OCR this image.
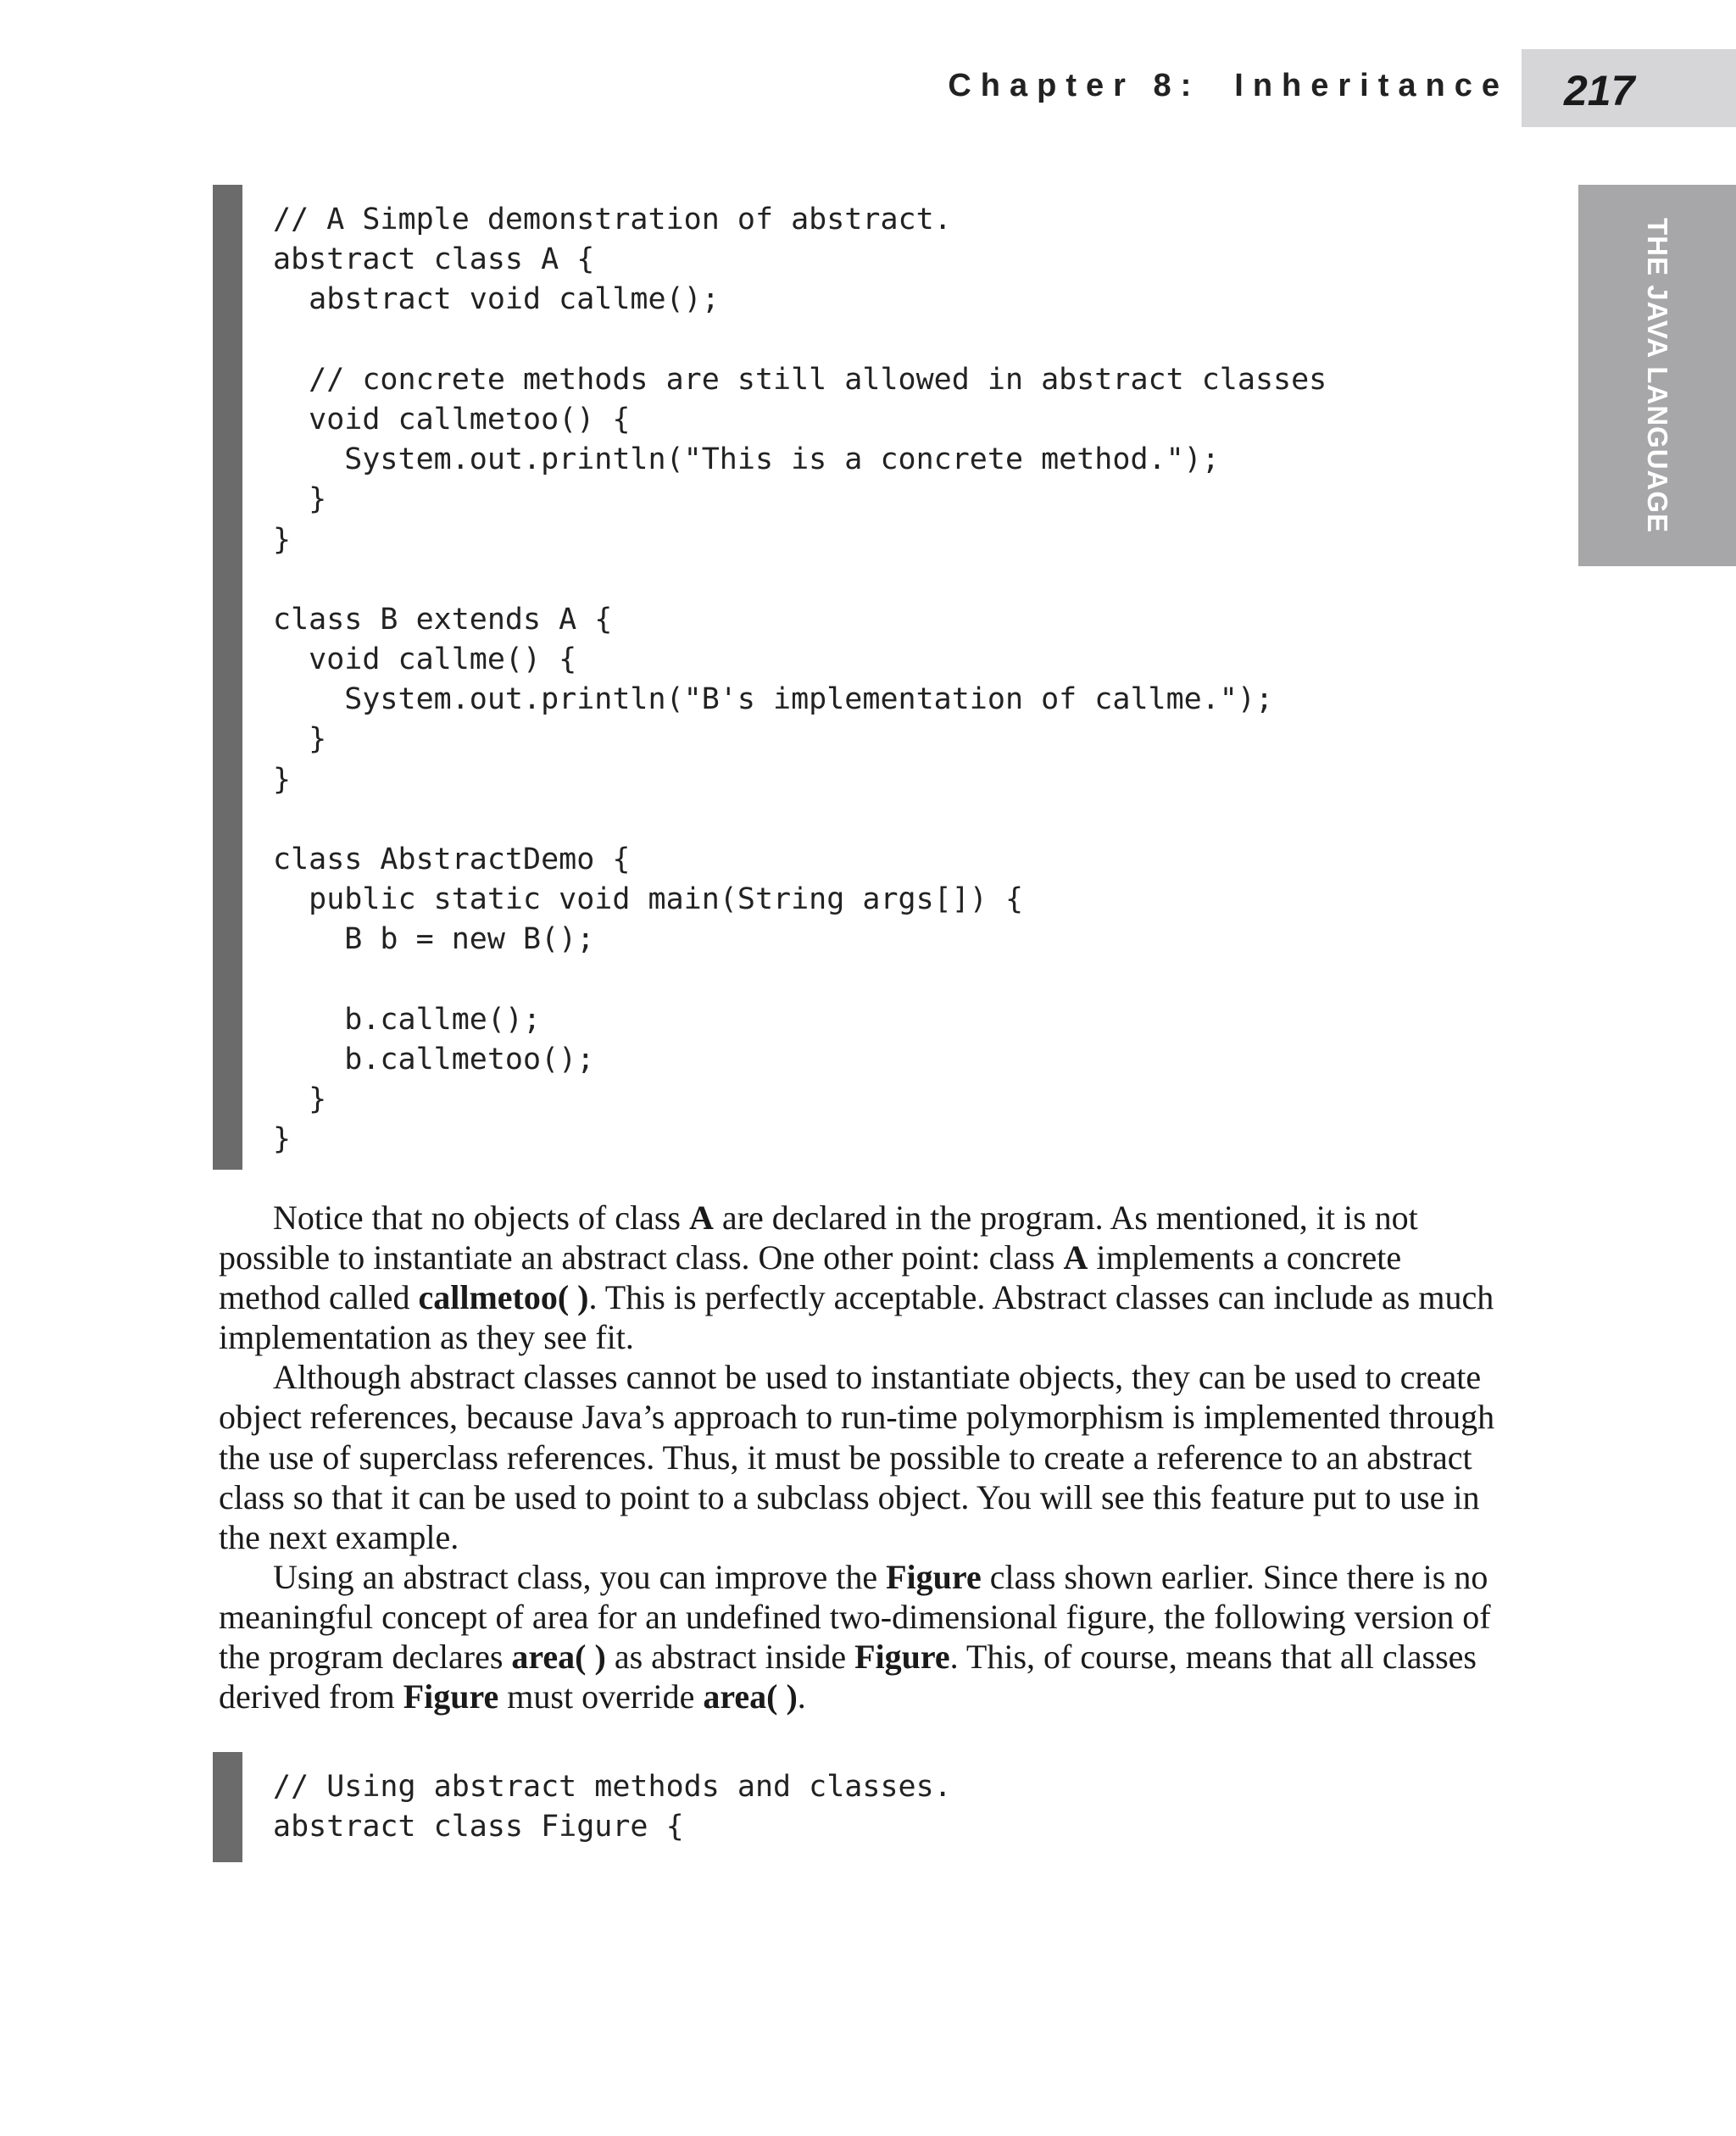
Chapter 8: Inheritance 217
THE JAVA LANGUAGE
// A Simple demonstration of abstract.
abstract class A {
abstract void callme();
// concrete methods are still allowed in abstract classes
void callmetoo() {
System.out.println("This is a concrete method.");
}
}
class B extends A {
void callme() {
System.out.println("B's implementation of callme.");
}
}
class AbstractDemo {
public static void main(String args[]) {
B b = new B();
b.callme();
b.callmetoo();
}
}

Notice that no objects of class A are declared in the program. As mentioned, it is not possible to instantiate an abstract class. One other point: class A implements a concrete method called callmetoo( ). This is perfectly acceptable. Abstract classes can include as much implementation as they see fit.

Although abstract classes cannot be used to instantiate objects, they can be used to create object references, because Java’s approach to run-time polymorphism is implemented through the use of superclass references. Thus, it must be possible to create a reference to an abstract class so that it can be used to point to a subclass object. You will see this feature put to use in the next example.

Using an abstract class, you can improve the Figure class shown earlier. Since there is no meaningful concept of area for an undefined two-dimensional figure, the following version of the program declares area( ) as abstract inside Figure. This, of course, means that all classes derived from Figure must override area( ).

// Using abstract methods and classes.
abstract class Figure {
